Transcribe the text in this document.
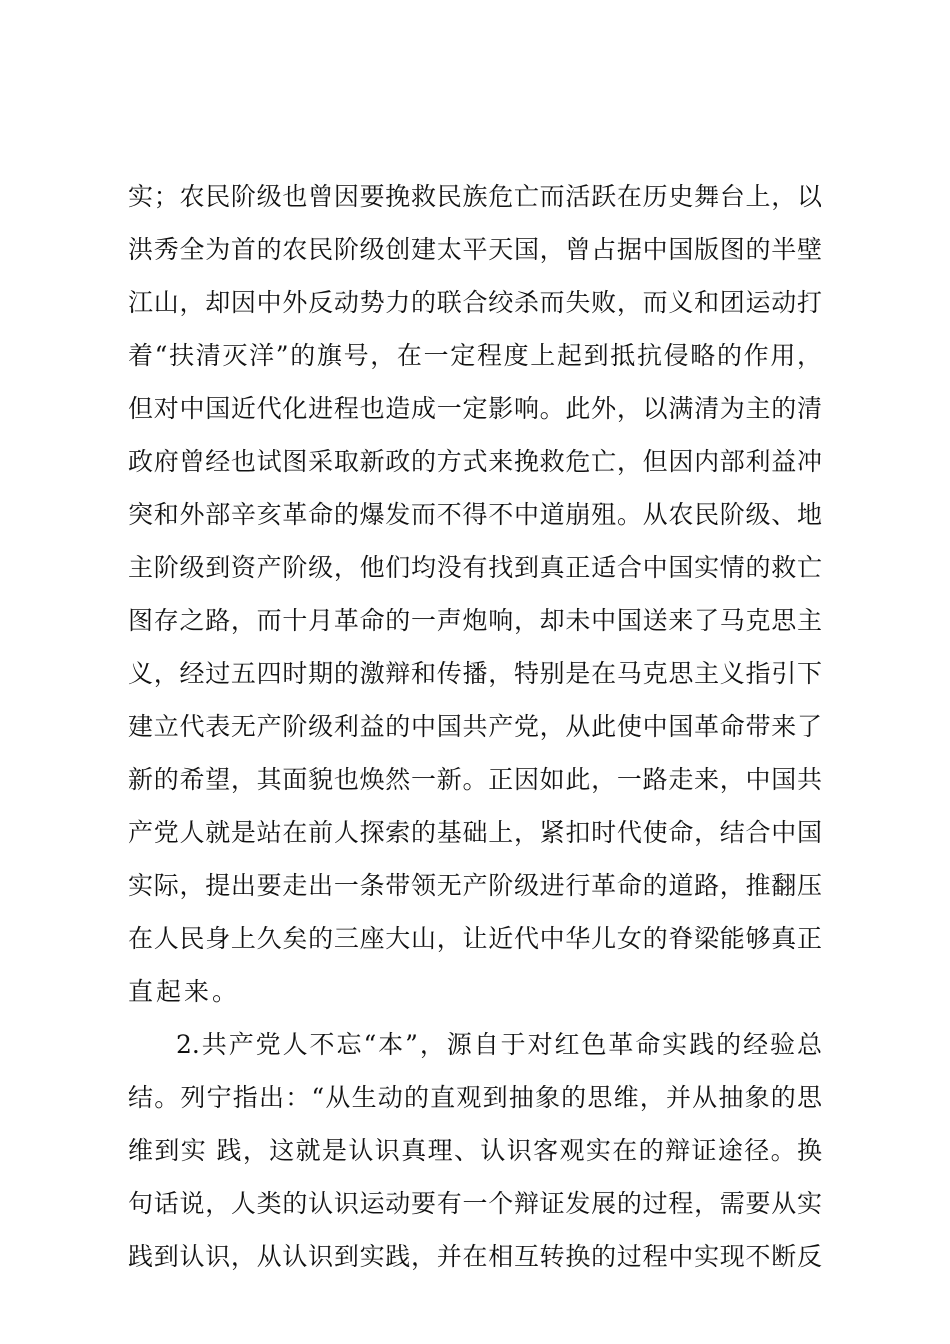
实；农民阶级也曾因要挽救民族危亡而活跃在历史舞台上，以
洪秀全为首的农民阶级创建太平天国，曾占据中国版图的半壁
江山，却因中外反动势力的联合绞杀而失败，而义和团运动打
着“扶清灭洋”的旗号，在一定程度上起到抵抗侵略的作用，
但对中国近代化进程也造成一定影响。此外，以满清为主的清
政府曾经也试图采取新政的方式来挽救危亡，但因内部利益冲
突和外部辛亥革命的爆发而不得不中道崩殂。从农民阶级、地
主阶级到资产阶级，他们均没有找到真正适合中国实情的救亡
图存之路，而十月革命的一声炮响，却未中国送来了马克思主
义，经过五四时期的激辩和传播，特别是在马克思主义指引下
建立代表无产阶级利益的中国共产党，从此使中国革命带来了
新的希望，其面貌也焕然一新。正因如此，一路走来，中国共
产党人就是站在前人探索的基础上，紧扣时代使命，结合中国
实际，提出要走出一条带领无产阶级进行革命的道路，推翻压
在人民身上久矣的三座大山，让近代中华儿女的脊梁能够真正
直起来。
2.共产党人不忘“本”，源自于对红色革命实践的经验总
结。列宁指出：“从生动的直观到抽象的思维，并从抽象的思
维到实 践，这就是认识真理、认识客观实在的辩证途径。换
句话说，人类的认识运动要有一个辩证发展的过程，需要从实
践到认识，从认识到实践，并在相互转换的过程中实现不断反
